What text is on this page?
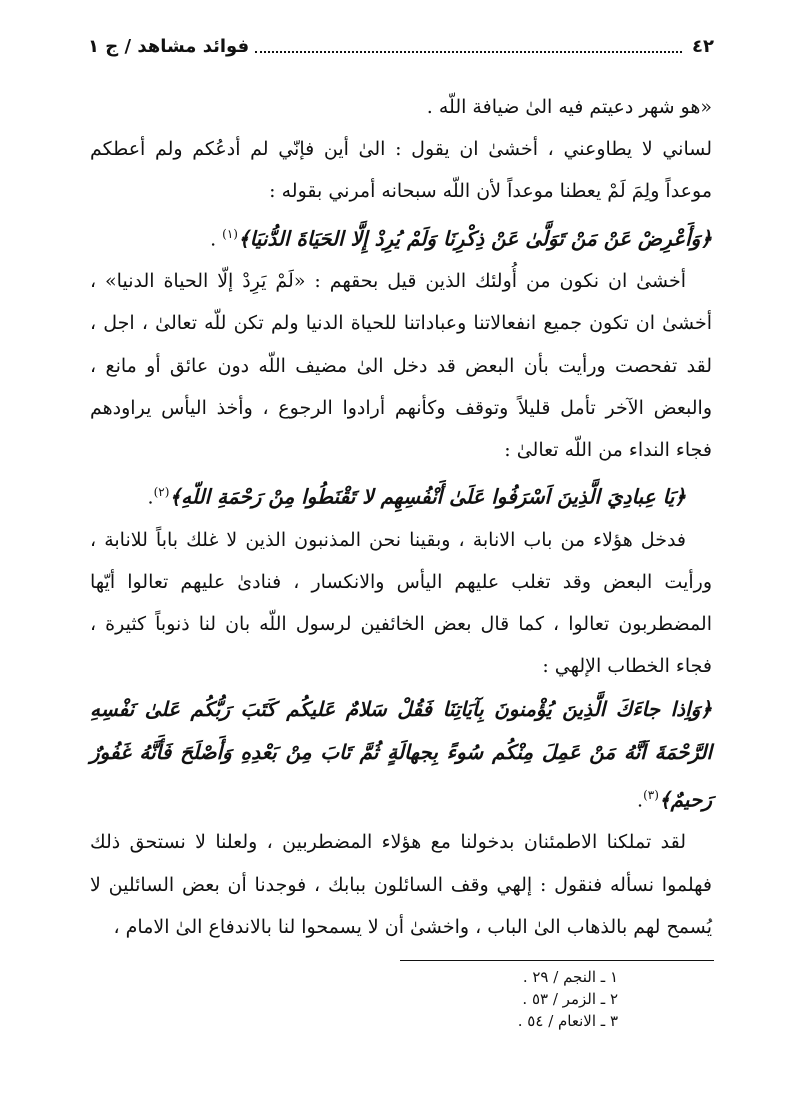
٤٢
فوائد مشاهد / ج ١

«هو شهر دعيتم فيه الىٰ ضيافة اللّه .

لساني لا يطاوعني ، أخشىٰ ان يقول : الىٰ أين فإنّي لم أدعُكم ولم أعطكم موعداً ولِمَ لَمْ يعطنا موعداً لأن اللّه سبحانه أمرني بقوله :

﴿وَأَعْرِضْ عَنْ مَنْ تَوَلَّىٰ عَنْ ذِكْرِنَا وَلَمْ يُرِدْ إِلَّا الحَيَاةَ الدُّنيَا﴾$^{(١)}$ .

أخشىٰ ان نكون من أُولئك الذين قيل بحقهم : «لَمْ يَرِدْ إلّا الحياة الدنيا» ، أخشىٰ ان تكون جميع انفعالاتنا وعباداتنا للحياة الدنيا ولم تكن للّه تعالىٰ ، اجل ، لقد تفحصت ورأيت بأن البعض قد دخل الىٰ مضيف اللّه دون عائق أو مانع ، والبعض الآخر تأمل قليلاً وتوقف وكأنهم أرادوا الرجوع ، وأخذ اليأس يراودهم فجاء النداء من اللّه تعالىٰ :

﴿يَا عِبادِيَ الَّذِينَ اَسْرَفُوا عَلَىٰ أَنْفُسِهِم لا تَقْنَطُوا مِنْ رَحْمَةِ اللّهِ﴾$^{(٢)}$.

فدخل هؤلاء من باب الانابة ، وبقينا نحن المذنبون الذين لا غلك باباً للانابة ، ورأيت البعض وقد تغلب عليهم اليأس والانكسار ، فنادىٰ عليهم تعالوا أيّها المضطربون تعالوا ، كما قال بعض الخائفين لرسول اللّه بان لنا ذنوباً كثيرة ، فجاء الخطاب الإلهي :

﴿وَاِذا جاءَكَ الَّذِينَ يُؤْمنونَ بِآيَاتِنَا فَقُلْ سَلامٌ عَليكُم كَتَبَ رَبُّكُم عَلىٰ نَفْسِهِ الرَّحْمَةَ اَنَّهُ مَنْ عَمِلَ مِنْكُم سُوءً بِجهالَةٍ ثُمَّ تَابَ مِنْ بَعْدِهِ وَأَصْلَحَ فَأَنَّهُ غَفُورٌ رَحيمٌ﴾$^{(٣)}$.

لقد تملكنا الاطمئنان بدخولنا مع هؤلاء المضطربين ، ولعلنا لا نستحق ذلك فهلموا نسأله فنقول : إلهي وقف السائلون ببابك ، فوجدنا أن بعض السائلين لا يُسمح لهم بالذهاب الىٰ الباب ، واخشىٰ أن لا يسمحوا لنا بالاندفاع الىٰ الامام ،

١ ـ النجم / ٢٩ .
٢ ـ الزمر / ٥٣ .
٣ ـ الانعام / ٥٤ .
